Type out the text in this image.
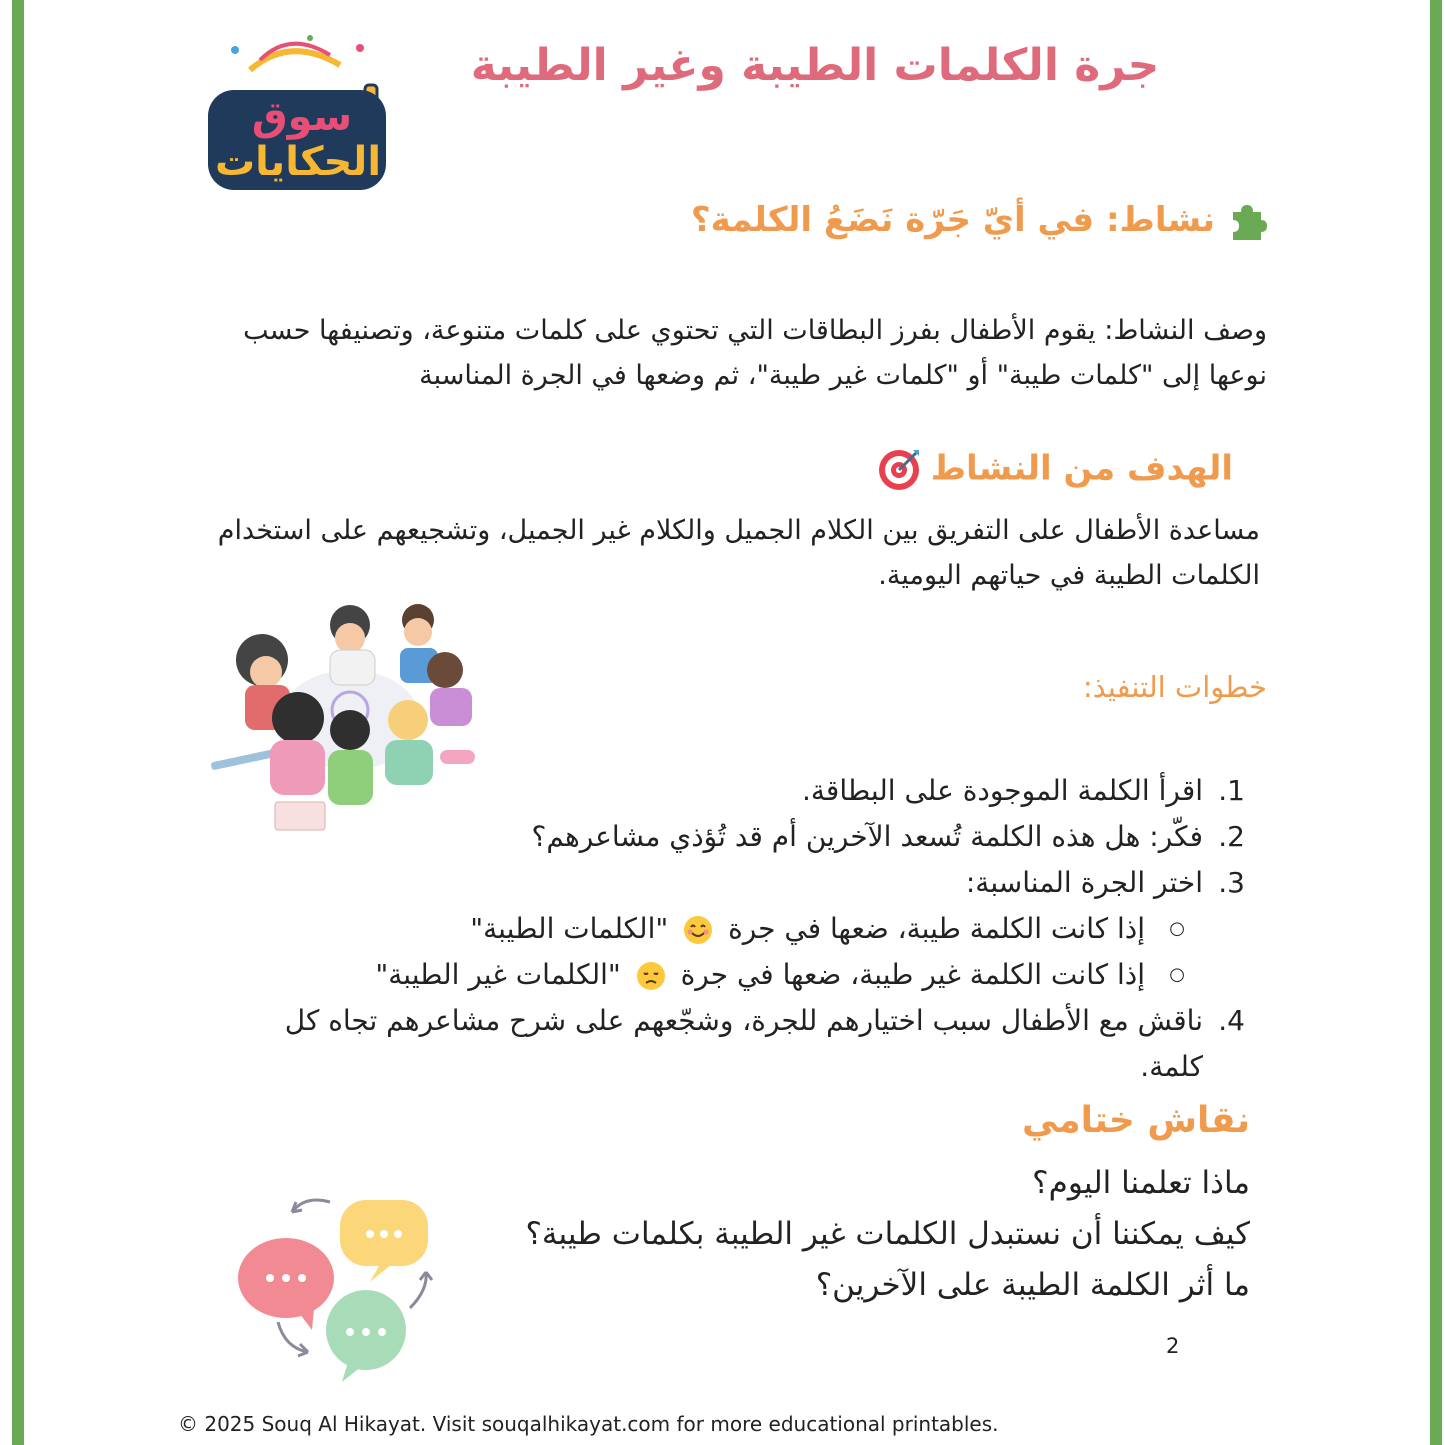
سوق
الحكايات
جرة الكلمات الطيبة وغير الطيبة
نشاط: في أيّ جَرّة نَضَعُ الكلمة؟

وصف النشاط: يقوم الأطفال بفرز البطاقات التي تحتوي على كلمات متنوعة، وتصنيفها حسب نوعها إلى "كلمات طيبة" أو "كلمات غير طيبة"، ثم وضعها في الجرة المناسبة

الهدف من النشاط

مساعدة الأطفال على التفريق بين الكلام الجميل والكلام غير الجميل، وتشجيعهم على استخدام الكلمات الطيبة في حياتهم اليومية.

خطوات التنفيذ:
1.
اقرأ الكلمة الموجودة على البطاقة.
2.
فكّر: هل هذه الكلمة تُسعد الآخرين أم قد تُؤذي مشاعرهم؟
3.
اختر الجرة المناسبة:
○
إذا كانت الكلمة طيبة، ضعها في جرة  "الكلمات الطيبة"
○
إذا كانت الكلمة غير طيبة، ضعها في جرة  "الكلمات غير الطيبة"
4.
ناقش مع الأطفال سبب اختيارهم للجرة، وشجّعهم على شرح مشاعرهم تجاه كل كلمة.
نقاش ختامي
ماذا تعلمنا اليوم؟
كيف يمكننا أن نستبدل الكلمات غير الطيبة بكلمات طيبة؟
ما أثر الكلمة الطيبة على الآخرين؟
2
© 2025 Souq Al Hikayat. Visit souqalhikayat.com for more educational printables.
